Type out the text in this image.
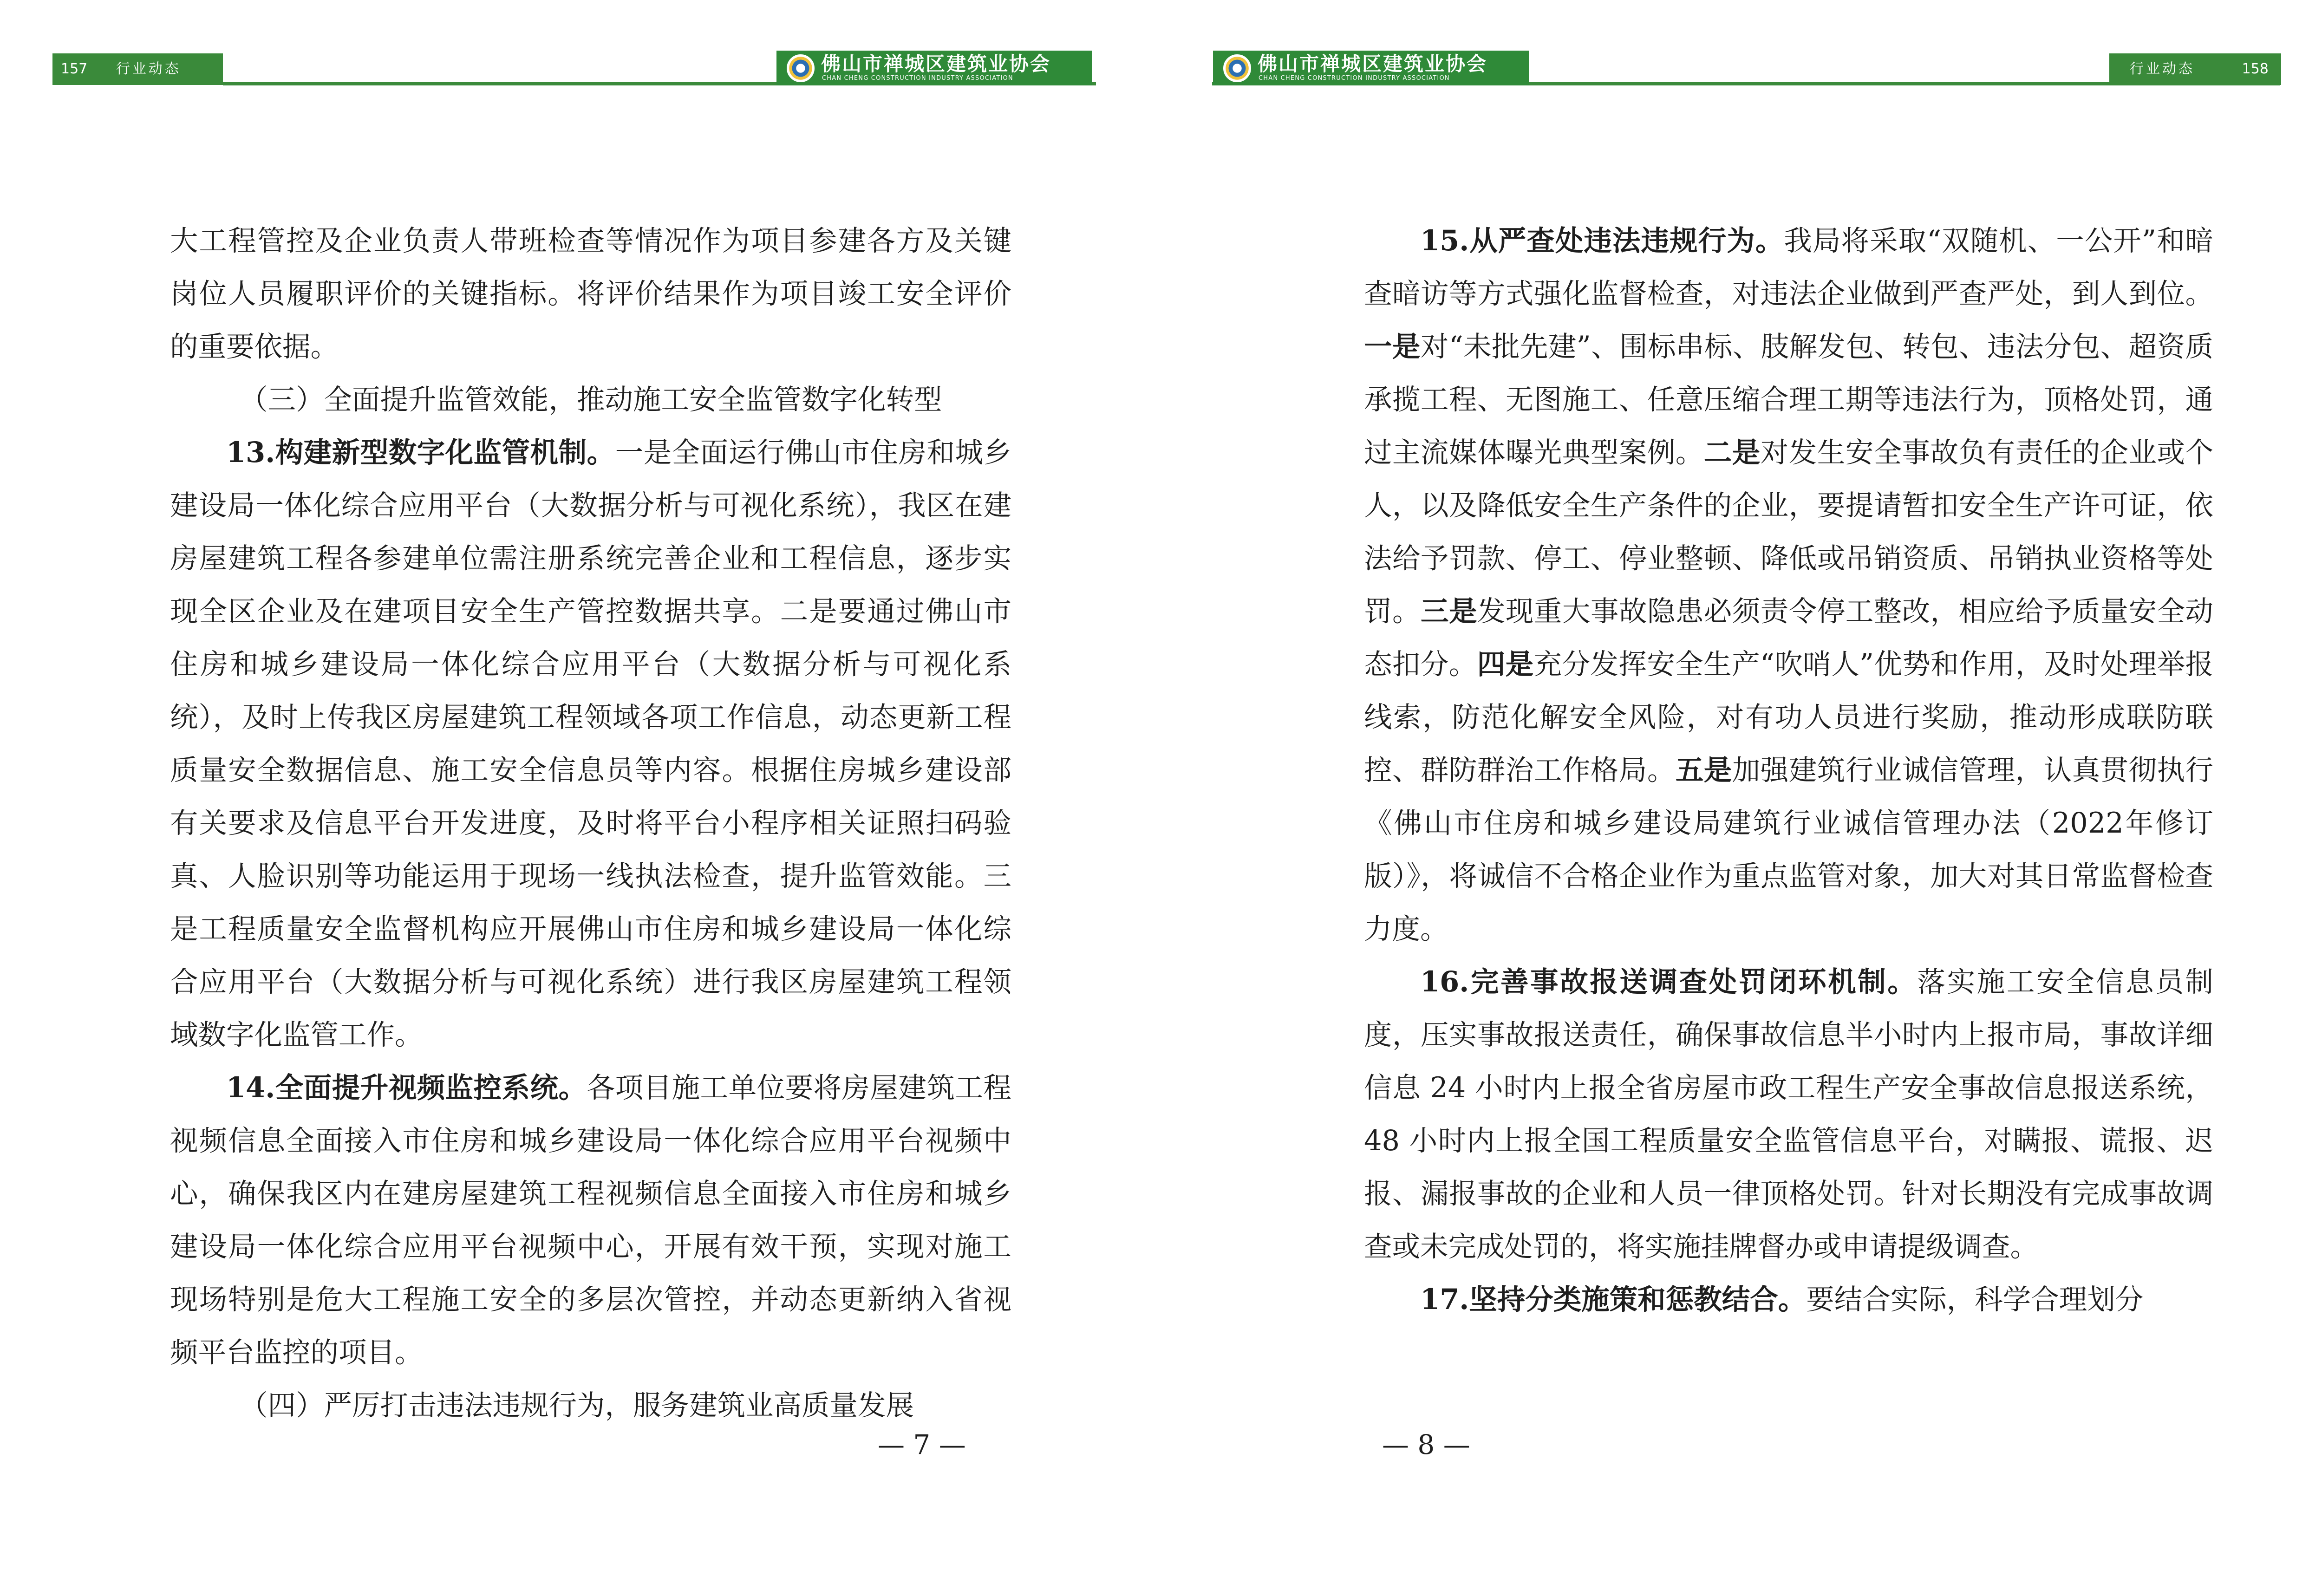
157 行业动态	佛山市禅城区建筑业协会
CHAN CHENG CONSTRUCTION INDUSTRY ASSOCIATION

大工程管控及企业负责人带班检查等情况作为项目参建各方及关键岗位人员履职评价的关键指标。将评价结果作为项目竣工安全评价的重要依据。

（三）全面提升监管效能，推动施工安全监管数字化转型

13.构建新型数字化监管机制。一是全面运行佛山市住房和城乡建设局一体化综合应用平台（大数据分析与可视化系统），我区在建房屋建筑工程各参建单位需注册系统完善企业和工程信息，逐步实现全区企业及在建项目安全生产管控数据共享。二是要通过佛山市住房和城乡建设局一体化综合应用平台（大数据分析与可视化系统），及时上传我区房屋建筑工程领域各项工作信息，动态更新工程质量安全数据信息、施工安全信息员等内容。根据住房城乡建设部有关要求及信息平台开发进度，及时将平台小程序相关证照扫码验真、人脸识别等功能运用于现场一线执法检查，提升监管效能。三是工程质量安全监督机构应开展佛山市住房和城乡建设局一体化综合应用平台（大数据分析与可视化系统）进行我区房屋建筑工程领域数字化监管工作。

14.全面提升视频监控系统。各项目施工单位要将房屋建筑工程视频信息全面接入市住房和城乡建设局一体化综合应用平台视频中心，确保我区内在建房屋建筑工程视频信息全面接入市住房和城乡建设局一体化综合应用平台视频中心，开展有效干预，实现对施工现场特别是危大工程施工安全的多层次管控，并动态更新纳入省视频平台监控的项目。

（四）严厉打击违法违规行为，服务建筑业高质量发展

— 7 —
佛山市禅城区建筑业协会
CHAN CHENG CONSTRUCTION INDUSTRY ASSOCIATION
行业动态	158

15.从严查处违法违规行为。我局将采取“双随机、一公开”和暗查暗访等方式强化监督检查，对违法企业做到严查严处，到人到位。一是对“未批先建”、围标串标、肢解发包、转包、违法分包、超资质承揽工程、无图施工、任意压缩合理工期等违法行为，顶格处罚，通过主流媒体曝光典型案例。二是对发生安全事故负有责任的企业或个人，以及降低安全生产条件的企业，要提请暂扣安全生产许可证，依法给予罚款、停工、停业整顿、降低或吊销资质、吊销执业资格等处罚。三是发现重大事故隐患必须责令停工整改，相应给予质量安全动态扣分。四是充分发挥安全生产“吹哨人”优势和作用，及时处理举报线索，防范化解安全风险，对有功人员进行奖励，推动形成联防联控、群防群治工作格局。五是加强建筑行业诚信管理，认真贯彻执行《佛山市住房和城乡建设局建筑行业诚信管理办法（2022年修订版）》，将诚信不合格企业作为重点监管对象，加大对其日常监督检查力度。

16.完善事故报送调查处罚闭环机制。落实施工安全信息员制度，压实事故报送责任，确保事故信息半小时内上报市局，事故详细信息 24 小时内上报全省房屋市政工程生产安全事故信息报送系统，48 小时内上报全国工程质量安全监管信息平台，对瞒报、谎报、迟报、漏报事故的企业和人员一律顶格处罚。针对长期没有完成事故调查或未完成处罚的，将实施挂牌督办或申请提级调查。

17.坚持分类施策和惩教结合。要结合实际，科学合理划分

— 8 —
